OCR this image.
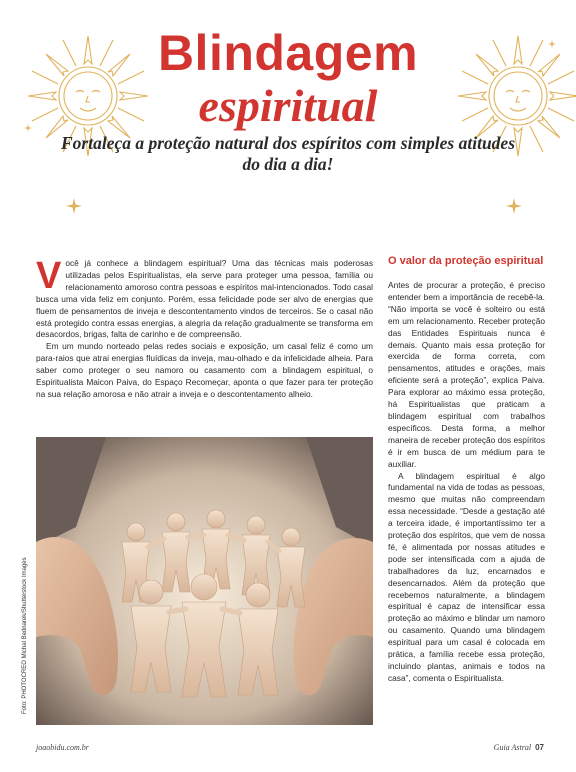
Blindagem
espiritual
Fortaleça a proteção natural dos espíritos com simples atitudes do dia a dia!

Você já conhece a blindagem espiritual? Uma das técnicas mais poderosas utilizadas pelos Espiritualistas, ela serve para proteger uma pessoa, família ou relacionamento amoroso contra pessoas e espíritos mal-intencionados. Todo casal busca uma vida feliz em conjunto. Porém, essa felicidade pode ser alvo de energias que fluem de pensamentos de inveja e descontentamento vindos de terceiros. Se o casal não está protegido contra essas energias, a alegria da relação gradualmente se transforma em desacordos, brigas, falta de carinho e de compreensão.

Em um mundo norteado pelas redes sociais e exposição, um casal feliz é como um para-raios que atrai energias fluídicas da inveja, mau-olhado e da infelicidade alheia. Para saber como proteger o seu namoro ou casamento com a blindagem espiritual, o Espiritualista Maicon Paiva, do Espaço Recomeçar, aponta o que fazer para ter proteção na sua relação amorosa e não atrair a inveja e o descontentamento alheio.

Foto: PHOTOCREO Michal Bednarek/Shutterstock Images
O valor da proteção espiritual

Antes de procurar a proteção, é preciso entender bem a importância de recebê-la. “Não importa se você é solteiro ou está em um relacionamento. Receber proteção das Entidades Espirituais nunca é demais. Quanto mais essa proteção for exercida de forma correta, com pensamentos, atitudes e orações, mais eficiente será a proteção”, explica Paiva. Para explorar ao máximo essa proteção, há Espiritualistas que praticam a blindagem espiritual com trabalhos específicos. Desta forma, a melhor maneira de receber proteção dos espíritos é ir em busca de um médium para te auxiliar.

A blindagem espiritual é algo fundamental na vida de todas as pessoas, mesmo que muitas não compreendam essa necessidade. “Desde a gestação até a terceira idade, é importantíssimo ter a proteção dos espíritos, que vem de nossa fé, é alimentada por nossas atitudes e pode ser intensificada com a ajuda de trabalhadores da luz, encarnados e desencarnados. Além da proteção que recebemos naturalmente, a blindagem espiritual é capaz de intensificar essa proteção ao máximo e blindar um namoro ou casamento. Quando uma blindagem espiritual para um casal é colocada em prática, a família recebe essa proteção, incluindo plantas, animais e todos na casa”, comenta o Espiritualista.

joaobidu.com.br	Guia Astral 07
